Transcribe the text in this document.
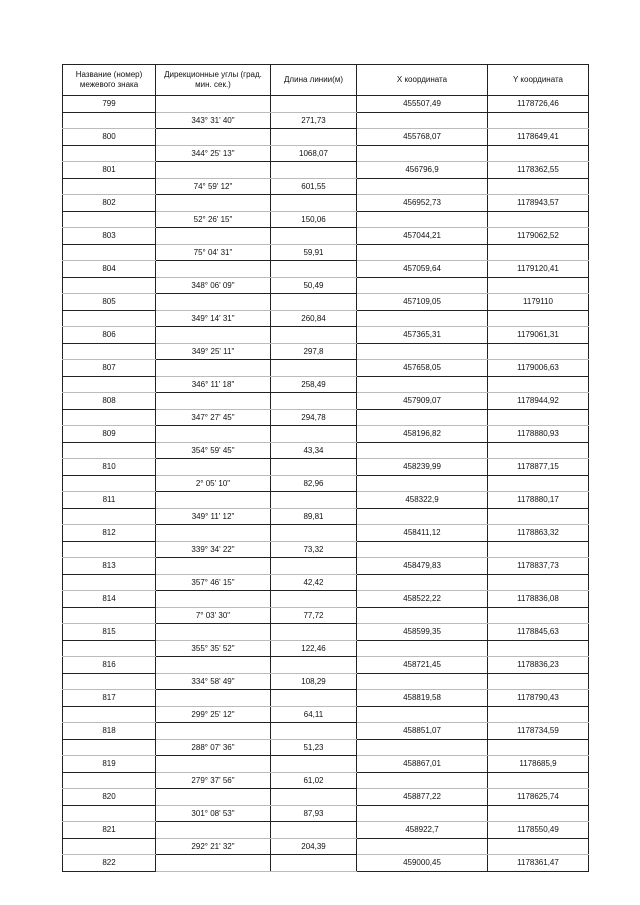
Название (номер) межевого знака	Дирекционные углы (град. мин. сек.)	Длина линии(м)	X координата	Y координата
799			455507,49	1178726,46
	343° 31' 40"	271,73		
800			455768,07	1178649,41
	344° 25' 13"	1068,07		
801			456796,9	1178362,55
	74° 59' 12"	601,55		
802			456952,73	1178943,57
	52° 26' 15"	150,06		
803			457044,21	1179062,52
	75° 04' 31"	59,91		
804			457059,64	1179120,41
	348° 06' 09"	50,49		
805			457109,05	1179110
	349° 14' 31"	260,84		
806			457365,31	1179061,31
	349° 25' 11"	297,8		
807			457658,05	1179006,63
	346° 11' 18"	258,49		
808			457909,07	1178944,92
	347° 27' 45"	294,78		
809			458196,82	1178880,93
	354° 59' 45"	43,34		
810			458239,99	1178877,15
	2° 05' 10"	82,96		
811			458322,9	1178880,17
	349° 11' 12"	89,81		
812			458411,12	1178863,32
	339° 34' 22"	73,32		
813			458479,83	1178837,73
	357° 46' 15"	42,42		
814			458522,22	1178836,08
	7° 03' 30"	77,72		
815			458599,35	1178845,63
	355° 35' 52"	122,46		
816			458721,45	1178836,23
	334° 58' 49"	108,29		
817			458819,58	1178790,43
	299° 25' 12"	64,11		
818			458851,07	1178734,59
	288° 07' 36"	51,23		
819			458867,01	1178685,9
	279° 37' 56"	61,02		
820			458877,22	1178625,74
	301° 08' 53"	87,93		
821			458922,7	1178550,49
	292° 21' 32"	204,39		
822			459000,45	1178361,47
